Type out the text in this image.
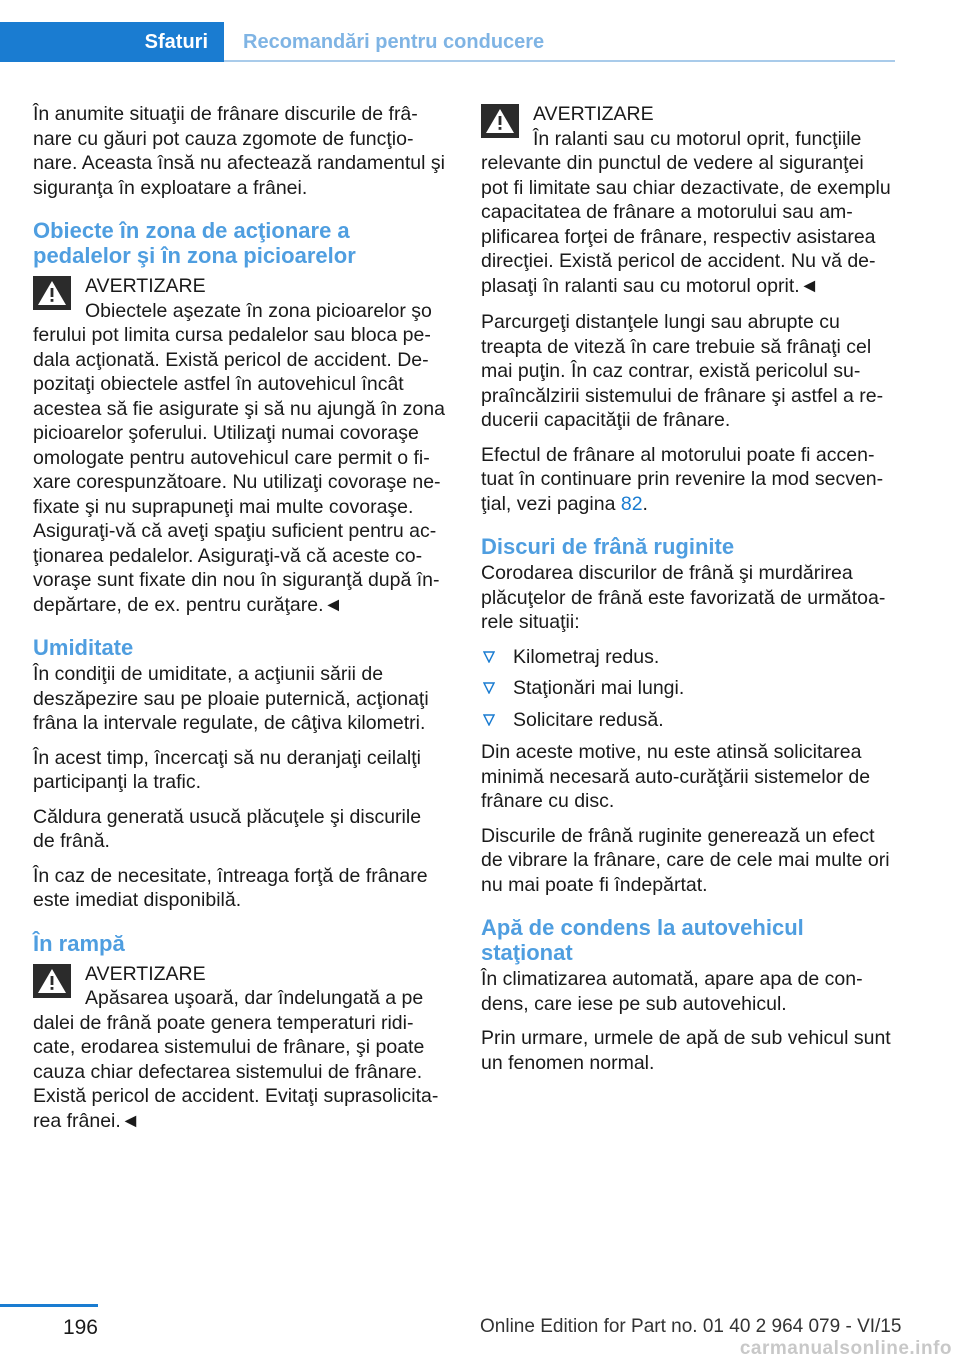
Sfaturi	Recomandări pentru conducere

În anumite situaţii de frânare discurile de frânare cu găuri pot cauza zgomote de funcţionare. Aceasta însă nu afectează randamentul şi siguranţa în exploatare a frânei.

Obiecte în zona de acţionare a pedalelor şi în zona picioarelor

AVERTIZARE

Obiectele aşezate în zona picioarelor şo
ferului pot limita cursa pedalelor sau bloca pedala acţionată. Există pericol de accident. Depozitaţi obiectele astfel în autovehicul încât acestea să fie asigurate şi să nu ajungă în zona picioarelor şoferului. Utilizaţi numai covoraşe omologate pentru autovehicul care permit o fixare corespunzătoare. Nu utilizaţi covoraşe nefixate şi nu suprapuneţi mai multe covoraşe. Asiguraţi-vă că aveţi spaţiu suficient pentru acţionarea pedalelor. Asiguraţi-vă că aceste covoraşe sunt fixate din nou în siguranţă după îndepărtare, de ex. pentru curăţare.◄

Umiditate

În condiţii de umiditate, a acţiunii sării de deszăpezire sau pe ploaie puternică, acţionaţi frâna la intervale regulate, de câţiva kilometri.

În acest timp, încercaţi să nu deranjaţi ceilalţi participanţi la trafic.

Căldura generată usucă plăcuţele şi discurile de frână.

În caz de necesitate, întreaga forţă de frânare este imediat disponibilă.

În rampă

AVERTIZARE

Apăsarea uşoară, dar îndelungată a pe
dalei de frână poate genera temperaturi ridicate, erodarea sistemului de frânare, şi poate cauza chiar defectarea sistemului de frânare. Există pericol de accident. Evitaţi suprasolicitarea frânei.◄

AVERTIZARE

În ralanti sau cu motorul oprit, funcţiile
relevante din punctul de vedere al siguranţei pot fi limitate sau chiar dezactivate, de exemplu capacitatea de frânare a motorului sau amplificarea forţei de frânare, respectiv asistarea direcţiei. Există pericol de accident. Nu vă deplasaţi în ralanti sau cu motorul oprit.◄

Parcurgeţi distanţele lungi sau abrupte cu treapta de viteză în care trebuie să frânaţi cel mai puţin. În caz contrar, există pericolul supraîncălzirii sistemului de frânare şi astfel a reducerii capacităţii de frânare.

Efectul de frânare al motorului poate fi accentuat în continuare prin revenire la mod secvenţial, vezi pagina 82.

Discuri de frână ruginite

Corodarea discurilor de frână şi murdărirea plăcuţelor de frână este favorizată de următoarele situaţii:

Kilometraj redus.
Staţionări mai lungi.
Solicitare redusă.

Din aceste motive, nu este atinsă solicitarea minimă necesară auto-curăţării sistemelor de frânare cu disc.

Discurile de frână ruginite generează un efect de vibrare la frânare, care de cele mai multe ori nu mai poate fi îndepărtat.

Apă de condens la autovehicul staţionat

În climatizarea automată, apare apa de condens, care iese pe sub autovehicul.

Prin urmare, urmele de apă de sub vehicul sunt un fenomen normal.

196	Online Edition for Part no. 01 40 2 964 079 - VI/15
carmanualsonline.info
